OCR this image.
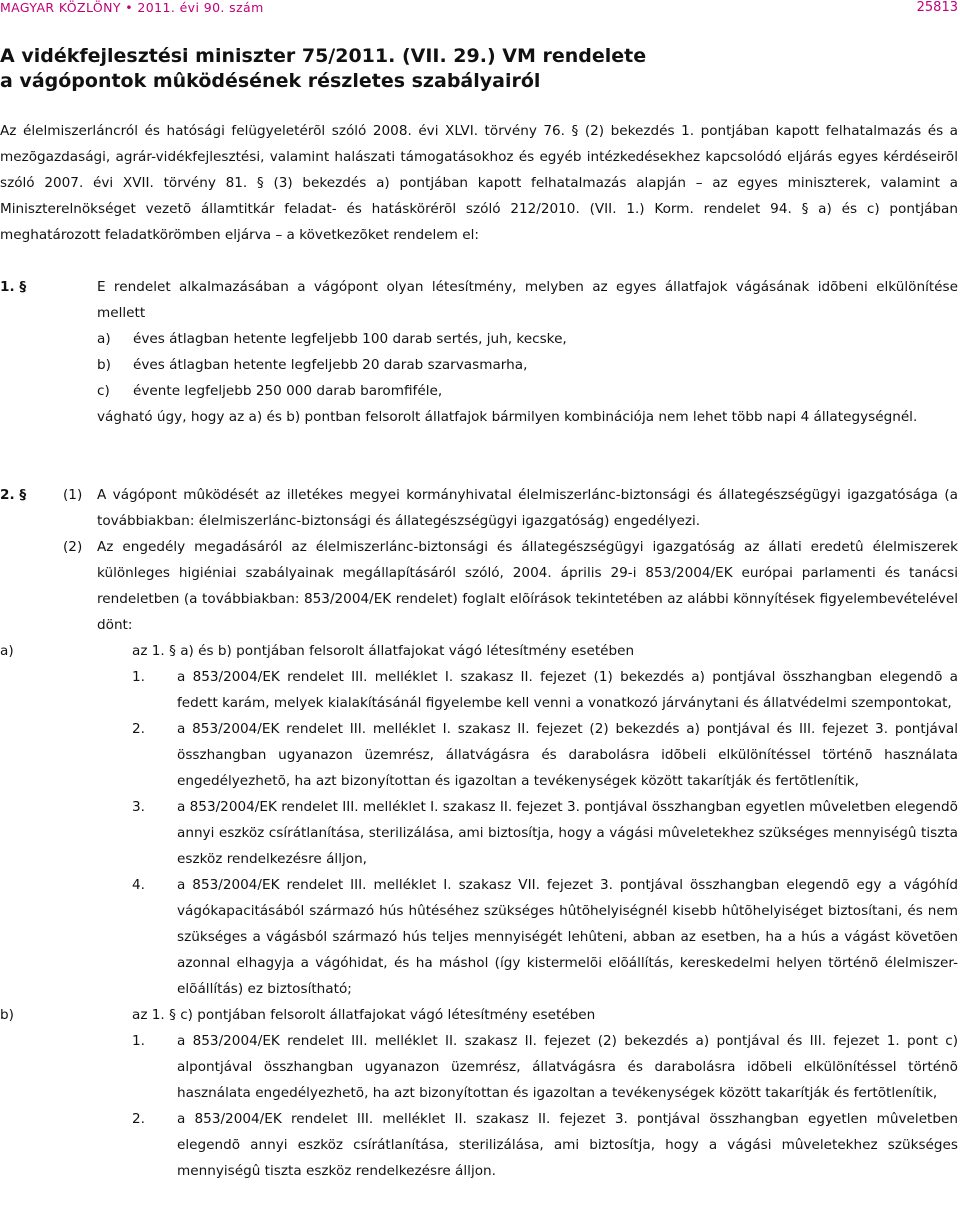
MAGYAR KÖZLÖNY • 2011. évi 90. szám	25813
A vidékfejlesztési miniszter 75/2011. (VII. 29.) VM rendelete
a vágópontok mûködésének részletes szabályairól
Az élelmiszerláncról és hatósági felügyeletérõl szóló 2008. évi XLVI. törvény 76. § (2) bekezdés 1. pontjában kapott felhatalmazás és a mezõgazdasági, agrár-vidékfejlesztési, valamint halászati támogatásokhoz és egyéb intézkedésekhez kapcsolódó eljárás egyes kérdéseirõl szóló 2007. évi XVII. törvény 81. § (3) bekezdés a) pontjában kapott felhatalmazás alapján – az egyes miniszterek, valamint a Miniszterelnökséget vezetõ államtitkár feladat- és hatáskörérõl szóló 212/2010. (VII. 1.) Korm. rendelet 94. § a) és c) pontjában meghatározott feladatkörömben eljárva – a következõket rendelem el:
1. §	E rendelet alkalmazásában a vágópont olyan létesítmény, melyben az egyes állatfajok vágásának idõbeni elkülönítése mellett
a)	éves átlagban hetente legfeljebb 100 darab sertés, juh, kecske,
b)	éves átlagban hetente legfeljebb 20 darab szarvasmarha,
c)	évente legfeljebb 250 000 darab baromfiféle,
vágható úgy, hogy az a) és b) pontban felsorolt állatfajok bármilyen kombinációja nem lehet több napi 4 állategységnél.
2. §	(1) A vágópont mûködését az illetékes megyei kormányhivatal élelmiszerlánc-biztonsági és állategészségügyi igazgatósága (a továbbiakban: élelmiszerlánc-biztonsági és állategészségügyi igazgatóság) engedélyezi.
(2) Az engedély megadásáról az élelmiszerlánc-biztonsági és állategészségügyi igazgatóság az állati eredetû élelmiszerek különleges higiéniai szabályainak megállapításáról szóló, 2004. április 29-i 853/2004/EK európai parlamenti és tanácsi rendeletben (a továbbiakban: 853/2004/EK rendelet) foglalt elõírások tekintetében az alábbi könnyítések figyelembevételével dönt:
a)	az 1. § a) és b) pontjában felsorolt állatfajokat vágó létesítmény esetében
1. a 853/2004/EK rendelet III. melléklet I. szakasz II. fejezet (1) bekezdés a) pontjával összhangban elegendõ a fedett karám, melyek kialakításánál figyelembe kell venni a vonatkozó járványtani és állatvédelmi szempontokat,
2. a 853/2004/EK rendelet III. melléklet I. szakasz II. fejezet (2) bekezdés a) pontjával és III. fejezet 3. pontjával összhangban ugyanazon üzemrész, állatvágásra és darabolásra idõbeli elkülönítéssel történõ használata engedélyezhetõ, ha azt bizonyítottan és igazoltan a tevékenységek között takarítják és fertõtlenítik,
3. a 853/2004/EK rendelet III. melléklet I. szakasz II. fejezet 3. pontjával összhangban egyetlen mûveletben elegendõ annyi eszköz csírátlanítása, sterilizálása, ami biztosítja, hogy a vágási mûveletekhez szükséges mennyiségû tiszta eszköz rendelkezésre álljon,
4. a 853/2004/EK rendelet III. melléklet I. szakasz VII. fejezet 3. pontjával összhangban elegendõ egy a vágóhíd vágókapacitásából származó hús hûtéséhez szükséges hûtõhelyiségnél kisebb hûtõhelyiséget biztosítani, és nem szükséges a vágásból származó hús teljes mennyiségét lehûteni, abban az esetben, ha a hús a vágást követõen azonnal elhagyja a vágóhidat, és ha máshol (így kistermelõi elõállítás, kereskedelmi helyen történõ élelmiszer-elõállítás) ez biztosítható;
b)	az 1. § c) pontjában felsorolt állatfajokat vágó létesítmény esetében
1. a 853/2004/EK rendelet III. melléklet II. szakasz II. fejezet (2) bekezdés a) pontjával és III. fejezet 1. pont c) alpontjával összhangban ugyanazon üzemrész, állatvágásra és darabolásra idõbeli elkülönítéssel történõ használata engedélyezhetõ, ha azt bizonyítottan és igazoltan a tevékenységek között takarítják és fertõtlenítik,
2. a 853/2004/EK rendelet III. melléklet II. szakasz II. fejezet 3. pontjával összhangban egyetlen mûveletben elegendõ annyi eszköz csírátlanítása, sterilizálása, ami biztosítja, hogy a vágási mûveletekhez szükséges mennyiségû tiszta eszköz rendelkezésre álljon.
